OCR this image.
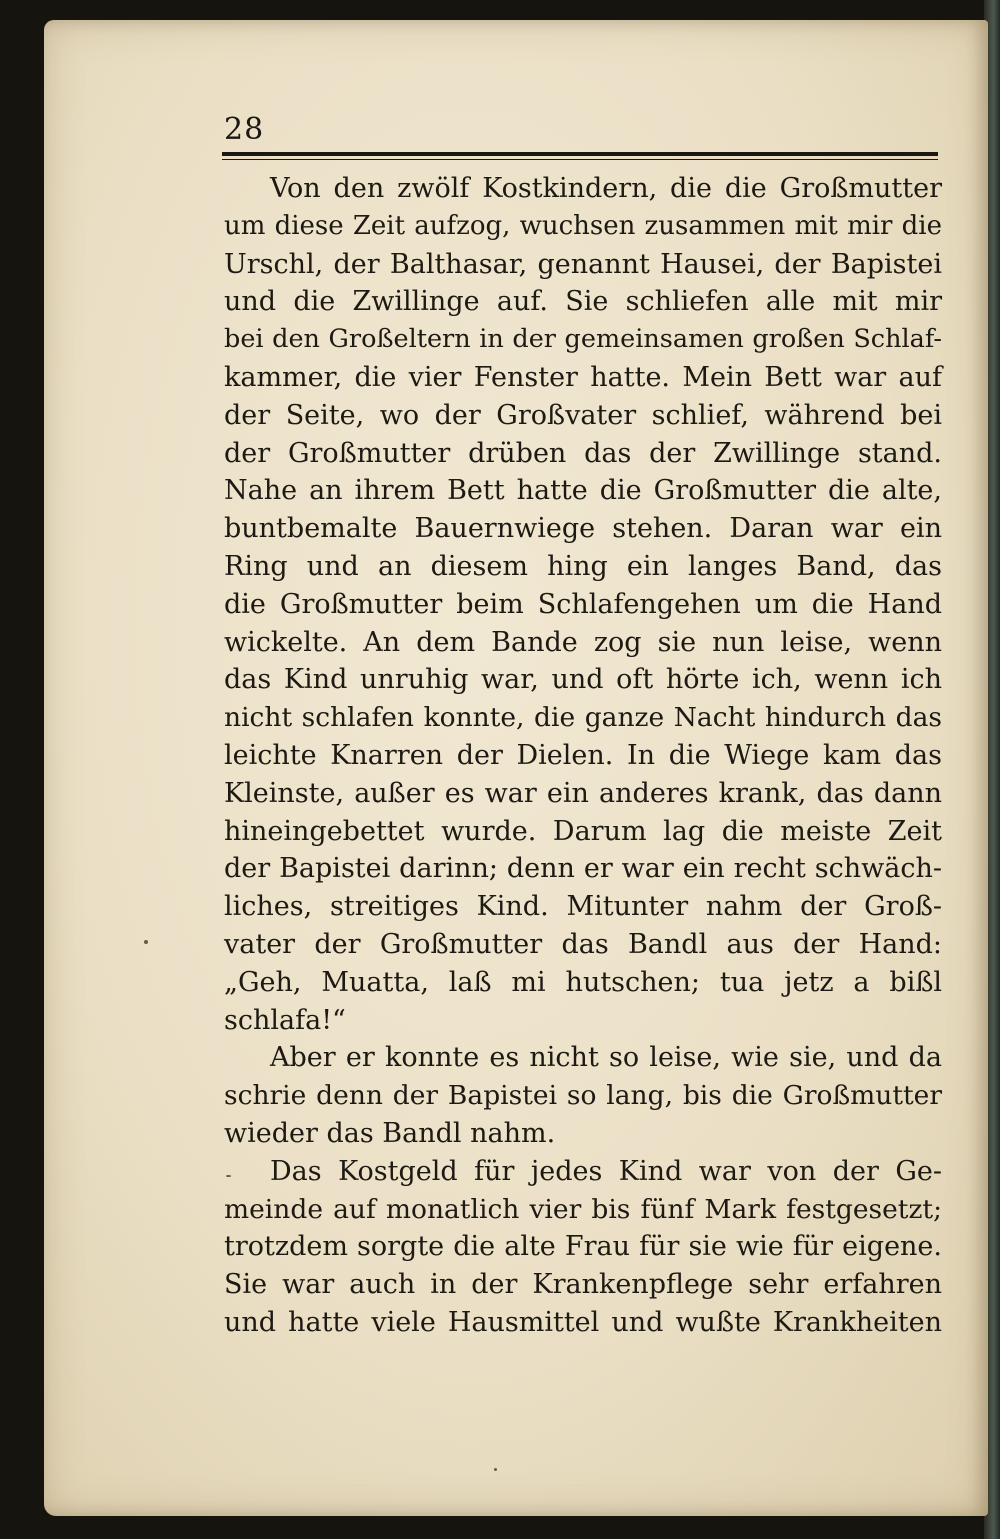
28
Von den zwölf Kostkindern, die die Großmutter
um diese Zeit aufzog, wuchsen zusammen mit mir die
Urschl, der Balthasar, genannt Hausei, der Bapistei
und die Zwillinge auf. Sie schliefen alle mit mir
bei den Großeltern in der gemeinsamen großen Schlaf-
kammer, die vier Fenster hatte. Mein Bett war auf
der Seite, wo der Großvater schlief, während bei
der Großmutter drüben das der Zwillinge stand.
Nahe an ihrem Bett hatte die Großmutter die alte,
buntbemalte Bauernwiege stehen. Daran war ein
Ring und an diesem hing ein langes Band, das
die Großmutter beim Schlafengehen um die Hand
wickelte. An dem Bande zog sie nun leise, wenn
das Kind unruhig war, und oft hörte ich, wenn ich
nicht schlafen konnte, die ganze Nacht hindurch das
leichte Knarren der Dielen. In die Wiege kam das
Kleinste, außer es war ein anderes krank, das dann
hineingebettet wurde. Darum lag die meiste Zeit
der Bapistei darinn; denn er war ein recht schwäch-
liches, streitiges Kind. Mitunter nahm der Groß-
vater der Großmutter das Bandl aus der Hand:
„Geh, Muatta, laß mi hutschen; tua jetz a bißl
schlafa!“
Aber er konnte es nicht so leise, wie sie, und da
schrie denn der Bapistei so lang, bis die Großmutter
wieder das Bandl nahm.
Das Kostgeld für jedes Kind war von der Ge-
meinde auf monatlich vier bis fünf Mark festgesetzt;
trotzdem sorgte die alte Frau für sie wie für eigene.
Sie war auch in der Krankenpflege sehr erfahren
und hatte viele Hausmittel und wußte Krankheiten
